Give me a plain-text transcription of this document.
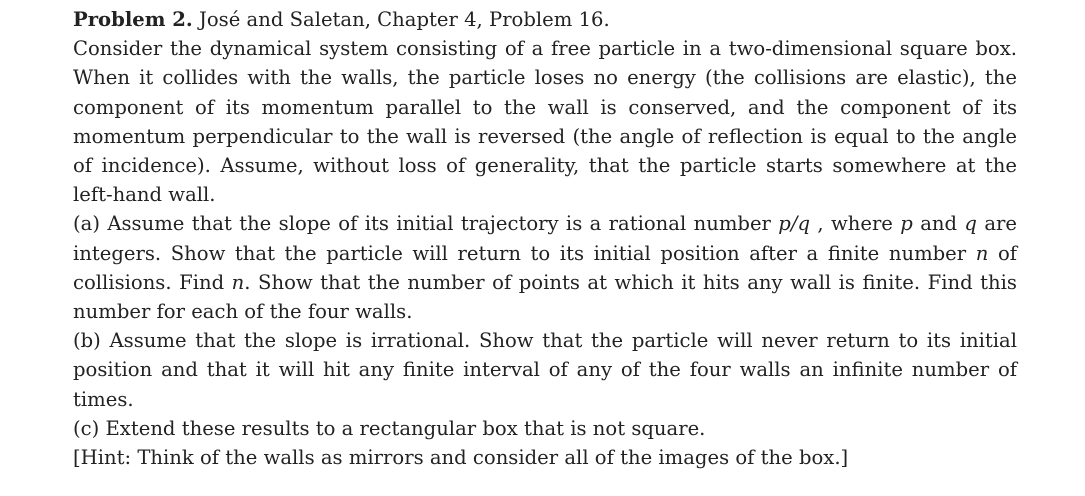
Problem 2. José and Saletan, Chapter 4, Problem 16.

Consider the dynamical system consisting of a free particle in a two-dimensional square box. When it collides with the walls, the particle loses no energy (the collisions are elastic), the component of its momentum parallel to the wall is conserved, and the component of its momentum perpendicular to the wall is reversed (the angle of reflection is equal to the angle of incidence). Assume, without loss of generality, that the particle starts somewhere at the left-hand wall.

(a) Assume that the slope of its initial trajectory is a rational number p/q , where p and q are integers. Show that the particle will return to its initial position after a finite number n of collisions. Find n. Show that the number of points at which it hits any wall is finite. Find this number for each of the four walls.

(b) Assume that the slope is irrational. Show that the particle will never return to its initial position and that it will hit any finite interval of any of the four walls an infinite number of times.

(c) Extend these results to a rectangular box that is not square.

[Hint: Think of the walls as mirrors and consider all of the images of the box.]
